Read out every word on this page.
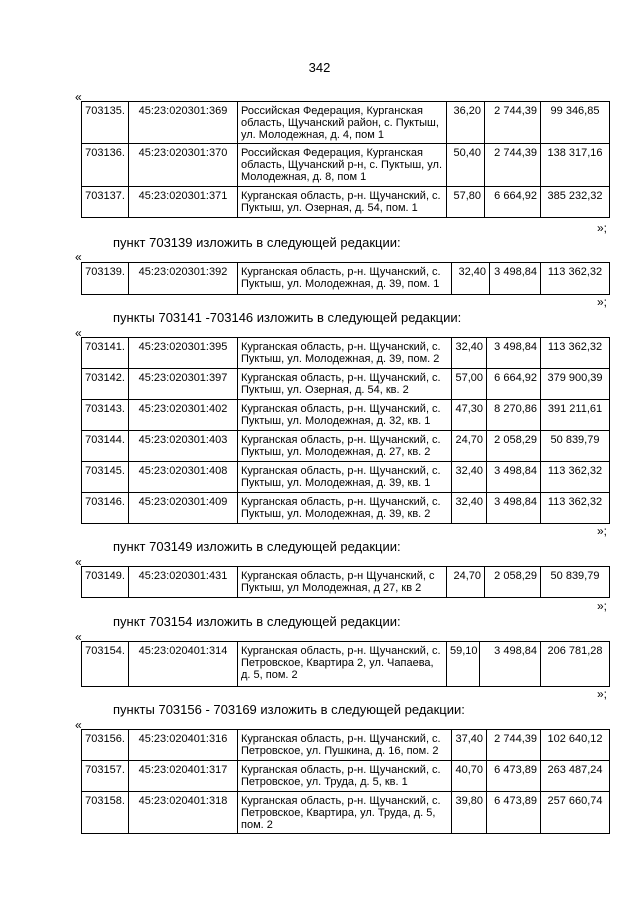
342
«
703135.	45:23:020301:369	Российская Федерация, Курганская область, Щучанский район, с. Пуктыш, ул. Молодежная, д. 4, пом 1	36,20	2 744,39	99 346,85
703136.	45:23:020301:370	Российская Федерация, Курганская область, Щучанский р-н, с. Пуктыш, ул. Молодежная, д. 8, пом 1	50,40	2 744,39	138 317,16
703137.	45:23:020301:371	Курганская область, р-н. Щучанский, с. Пуктыш, ул. Озерная, д. 54, пом. 1	57,80	6 664,92	385 232,32
»;
пункт 703139 изложить в следующей редакции:
«
703139.	45:23:020301:392	Курганская область, р-н. Щучанский, с. Пуктыш, ул. Молодежная, д. 39, пом. 1	32,40	3 498,84	113 362,32
»;
пункты 703141 -703146 изложить в следующей редакции:
«
703141.	45:23:020301:395	Курганская область, р-н. Щучанский, с. Пуктыш, ул. Молодежная, д. 39, пом. 2	32,40	3 498,84	113 362,32
703142.	45:23:020301:397	Курганская область, р-н. Щучанский, с. Пуктыш, ул. Озерная, д. 54, кв. 2	57,00	6 664,92	379 900,39
703143.	45:23:020301:402	Курганская область, р-н. Щучанский, с. Пуктыш, ул. Молодежная, д. 32, кв. 1	47,30	8 270,86	391 211,61
703144.	45:23:020301:403	Курганская область, р-н. Щучанский, с. Пуктыш, ул. Молодежная, д. 27, кв. 2	24,70	2 058,29	50 839,79
703145.	45:23:020301:408	Курганская область, р-н. Щучанский, с. Пуктыш, ул. Молодежная, д. 39, кв. 1	32,40	3 498,84	113 362,32
703146.	45:23:020301:409	Курганская область, р-н. Щучанский, с. Пуктыш, ул. Молодежная, д. 39, кв. 2	32,40	3 498,84	113 362,32
»;
пункт 703149 изложить в следующей редакции:
«
703149.	45:23:020301:431	Курганская область, р-н Щучанский, с Пуктыш, ул Молодежная, д 27, кв 2	24,70	2 058,29	50 839,79
»;
пункт 703154 изложить в следующей редакции:
«
703154.	45:23:020401:314	Курганская область, р-н. Щучанский, с. Петровское, Квартира 2, ул. Чапаева, д. 5, пом. 2	59,10	3 498,84	206 781,28
»;
пункты 703156 - 703169 изложить в следующей редакции:
«
703156.	45:23:020401:316	Курганская область, р-н. Щучанский, с. Петровское, ул. Пушкина, д. 16, пом. 2	37,40	2 744,39	102 640,12
703157.	45:23:020401:317	Курганская область, р-н. Щучанский, с. Петровское, ул. Труда, д. 5, кв. 1	40,70	6 473,89	263 487,24
703158.	45:23:020401:318	Курганская область, р-н. Щучанский, с. Петровское, Квартира, ул. Труда, д. 5, пом. 2	39,80	6 473,89	257 660,74
